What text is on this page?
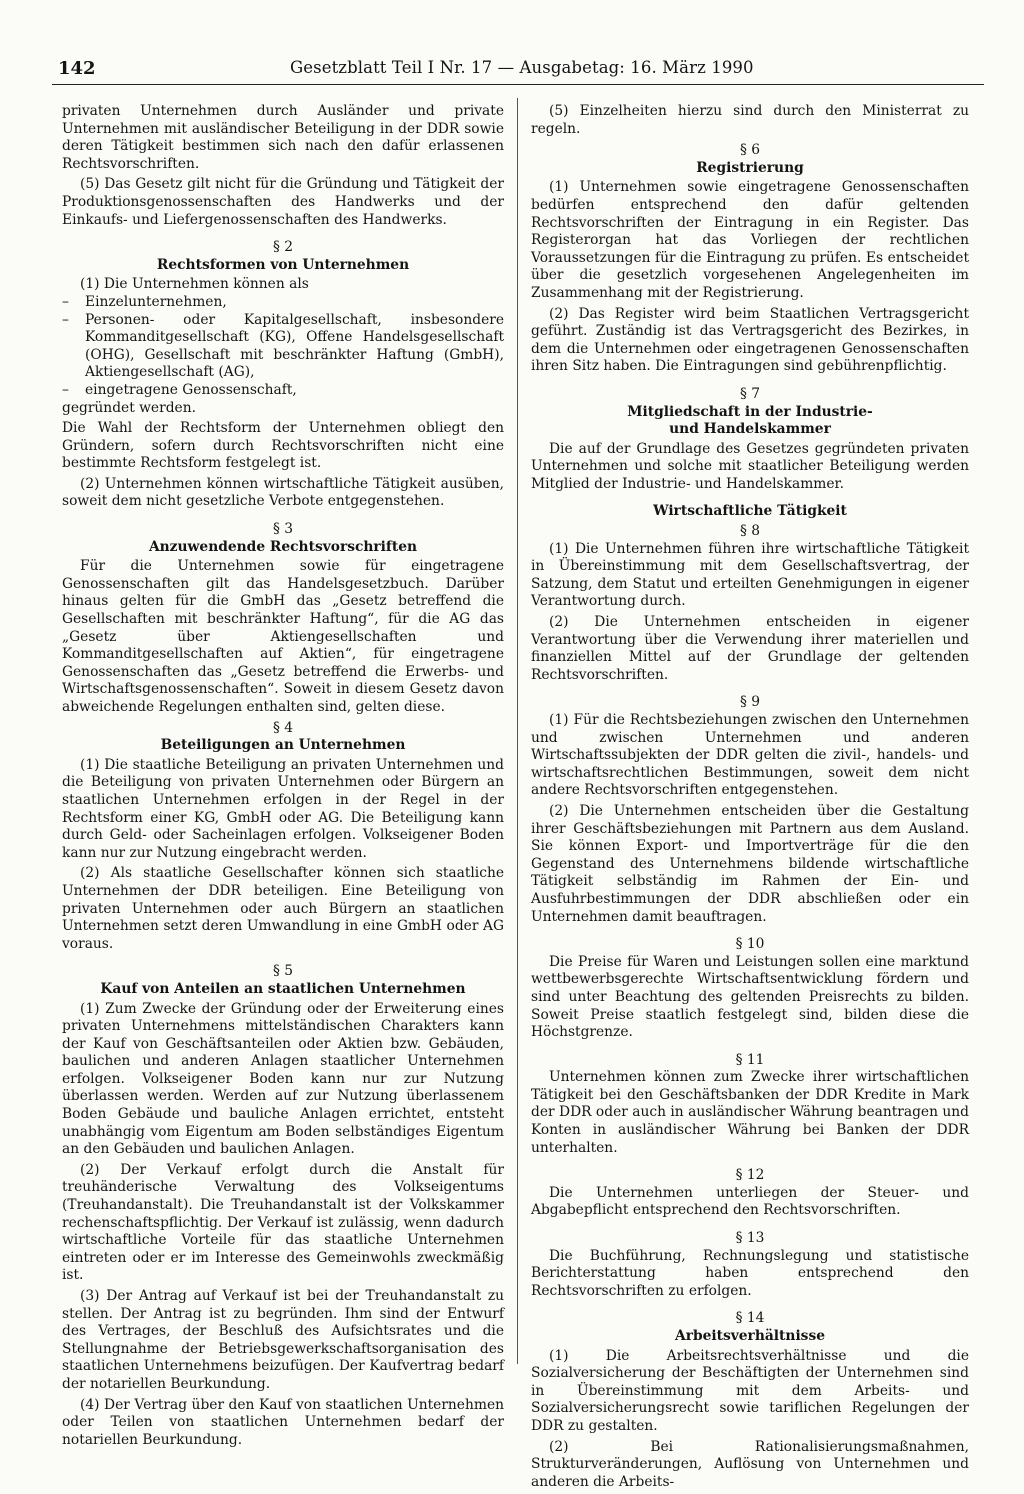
142	Gesetzblatt Teil I Nr. 17 — Ausgabetag: 16. März 1990

privaten Unternehmen durch Ausländer und private Unternehmen mit ausländischer Beteiligung in der DDR sowie deren Tätigkeit bestimmen sich nach den dafür erlassenen Rechtsvorschriften.

(5) Das Gesetz gilt nicht für die Gründung und Tätigkeit der Produktionsgenossenschaften des Handwerks und der Einkaufs- und Liefergenossenschaften des Handwerks.

§ 2
Rechtsformen von Unternehmen

(1) Die Unternehmen können als

–	Einzelunternehmen,
–	Personen- oder Kapitalgesellschaft, insbesondere Kommanditgesellschaft (KG), Offene Handelsgesellschaft (OHG), Gesellschaft mit beschränkter Haftung (GmbH), Aktiengesellschaft (AG),
–	eingetragene Genossenschaft,

gegründet werden.

Die Wahl der Rechtsform der Unternehmen obliegt den Gründern, sofern durch Rechtsvorschriften nicht eine bestimmte Rechtsform festgelegt ist.

(2) Unternehmen können wirtschaftliche Tätigkeit ausüben, soweit dem nicht gesetzliche Verbote entgegenstehen.

§ 3
Anzuwendende Rechtsvorschriften

Für die Unternehmen sowie für eingetragene Genossenschaften gilt das Handelsgesetzbuch. Darüber hinaus gelten für die GmbH das „Gesetz betreffend die Gesellschaften mit beschränkter Haftung“, für die AG das „Gesetz über Aktiengesellschaften und Kommanditgesellschaften auf Aktien“, für eingetragene Genossenschaften das „Gesetz betreffend die Erwerbs- und Wirtschaftsgenossenschaften“. Soweit in diesem Gesetz davon abweichende Regelungen enthalten sind, gelten diese.

§ 4
Beteiligungen an Unternehmen

(1) Die staatliche Beteiligung an privaten Unternehmen und die Beteiligung von privaten Unternehmen oder Bürgern an staatlichen Unternehmen erfolgen in der Regel in der Rechtsform einer KG, GmbH oder AG. Die Beteiligung kann durch Geld- oder Sacheinlagen erfolgen. Volkseigener Boden kann nur zur Nutzung eingebracht werden.

(2) Als staatliche Gesellschafter können sich staatliche Unternehmen der DDR beteiligen. Eine Beteiligung von privaten Unternehmen oder auch Bürgern an staatlichen Unternehmen setzt deren Umwandlung in eine GmbH oder AG voraus.

§ 5
Kauf von Anteilen an staatlichen Unternehmen

(1) Zum Zwecke der Gründung oder der Erweiterung eines privaten Unternehmens mittelständischen Charakters kann der Kauf von Geschäftsanteilen oder Aktien bzw. Gebäuden, baulichen und anderen Anlagen staatlicher Unternehmen erfolgen. Volkseigener Boden kann nur zur Nutzung überlassen werden. Werden auf zur Nutzung überlassenem Boden Gebäude und bauliche Anlagen errichtet, entsteht unabhängig vom Eigentum am Boden selbständiges Eigentum an den Gebäuden und baulichen Anlagen.

(2) Der Verkauf erfolgt durch die Anstalt für treuhänderische Verwaltung des Volkseigentums (Treuhandanstalt). Die Treuhandanstalt ist der Volkskammer rechenschaftspflichtig. Der Verkauf ist zulässig, wenn dadurch wirtschaftliche Vorteile für das staatliche Unternehmen eintreten oder er im Interesse des Gemeinwohls zweckmäßig ist.

(3) Der Antrag auf Verkauf ist bei der Treuhandanstalt zu stellen. Der Antrag ist zu begründen. Ihm sind der Entwurf des Vertrages, der Beschluß des Aufsichtsrates und die Stellungnahme der Betriebsgewerkschaftsorganisation des staatlichen Unternehmens beizufügen. Der Kaufvertrag bedarf der notariellen Beurkundung.

(4) Der Vertrag über den Kauf von staatlichen Unternehmen oder Teilen von staatlichen Unternehmen bedarf der notariellen Beurkundung.

(5) Einzelheiten hierzu sind durch den Ministerrat zu regeln.

§ 6
Registrierung

(1) Unternehmen sowie eingetragene Genossenschaften bedürfen entsprechend den dafür geltenden Rechtsvorschriften der Eintragung in ein Register. Das Registerorgan hat das Vorliegen der rechtlichen Voraussetzungen für die Eintragung zu prüfen. Es entscheidet über die gesetzlich vorgesehenen Angelegenheiten im Zusammenhang mit der Registrierung.

(2) Das Register wird beim Staatlichen Vertragsgericht geführt. Zuständig ist das Vertragsgericht des Bezirkes, in dem die Unternehmen oder eingetragenen Genossenschaften ihren Sitz haben. Die Eintragungen sind gebührenpflichtig.

§ 7
Mitgliedschaft in der Industrie- und Handelskammer

Die auf der Grundlage des Gesetzes gegründeten privaten Unternehmen und solche mit staatlicher Beteiligung werden Mitglied der Industrie- und Handelskammer.

Wirtschaftliche Tätigkeit
§ 8

(1) Die Unternehmen führen ihre wirtschaftliche Tätigkeit in Übereinstimmung mit dem Gesellschaftsvertrag, der Satzung, dem Statut und erteilten Genehmigungen in eigener Verantwortung durch.

(2) Die Unternehmen entscheiden in eigener Verantwortung über die Verwendung ihrer materiellen und finanziellen Mittel auf der Grundlage der geltenden Rechtsvorschriften.

§ 9

(1) Für die Rechtsbeziehungen zwischen den Unternehmen und zwischen Unternehmen und anderen Wirtschaftssubjekten der DDR gelten die zivil-, handels- und wirtschaftsrechtlichen Bestimmungen, soweit dem nicht andere Rechtsvorschriften entgegenstehen.

(2) Die Unternehmen entscheiden über die Gestaltung ihrer Geschäftsbeziehungen mit Partnern aus dem Ausland. Sie können Export- und Importverträge für die den Gegenstand des Unternehmens bildende wirtschaftliche Tätigkeit selbständig im Rahmen der Ein- und Ausfuhrbestimmungen der DDR abschließen oder ein Unternehmen damit beauftragen.

§ 10

Die Preise für Waren und Leistungen sollen eine marktund wettbewerbsgerechte Wirtschaftsentwicklung fördern und sind unter Beachtung des geltenden Preisrechts zu bilden. Soweit Preise staatlich festgelegt sind, bilden diese die Höchstgrenze.

§ 11

Unternehmen können zum Zwecke ihrer wirtschaftlichen Tätigkeit bei den Geschäftsbanken der DDR Kredite in Mark der DDR oder auch in ausländischer Währung beantragen und Konten in ausländischer Währung bei Banken der DDR unterhalten.

§ 12

Die Unternehmen unterliegen der Steuer- und Abgabepflicht entsprechend den Rechtsvorschriften.

§ 13

Die Buchführung, Rechnungslegung und statistische Berichterstattung haben entsprechend den Rechtsvorschriften zu erfolgen.

§ 14
Arbeitsverhältnisse

(1) Die Arbeitsrechtsverhältnisse und die Sozialversicherung der Beschäftigten der Unternehmen sind in Übereinstimmung mit dem Arbeits- und Sozialversicherungsrecht sowie tariflichen Regelungen der DDR zu gestalten.

(2) Bei Rationalisierungsmaßnahmen, Strukturveränderungen, Auflösung von Unternehmen und anderen die Arbeits-
